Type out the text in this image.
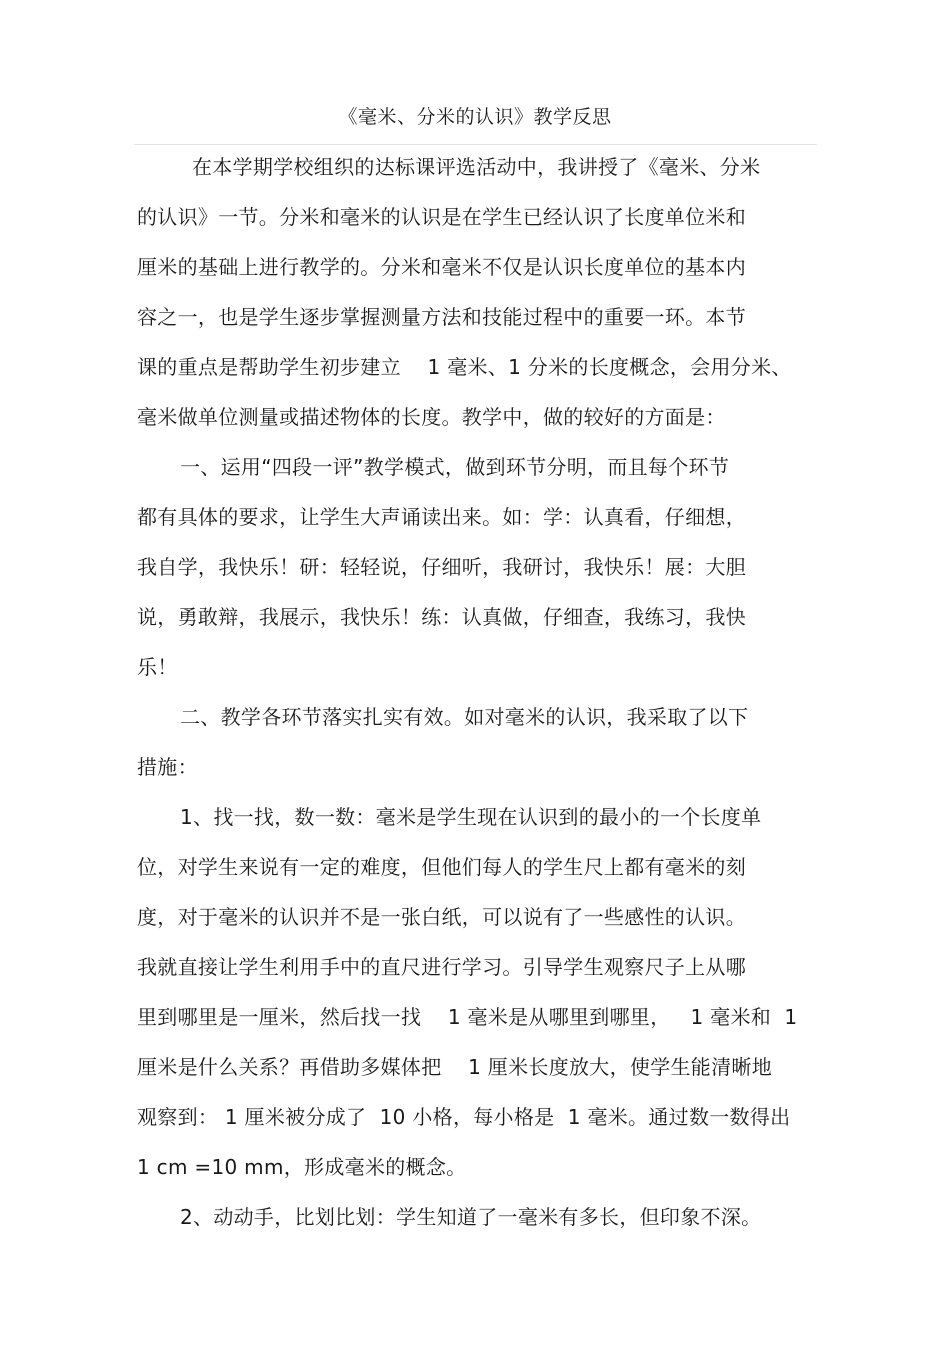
《毫米、分米的认识》教学反思
在本学期学校组织的达标课评选活动中，我讲授了《毫米、分米
的认识》一节。分米和毫米的认识是在学生已经认识了长度单位米和
厘米的基础上进行教学的。分米和毫米不仅是认识长度单位的基本内
容之一，也是学生逐步掌握测量方法和技能过程中的重要一环。本节
课的重点是帮助学生初步建立    1 毫米、1 分米的长度概念，会用分米、
毫米做单位测量或描述物体的长度。教学中，做的较好的方面是：
一、运用“四段一评”教学模式，做到环节分明，而且每个环节
都有具体的要求，让学生大声诵读出来。如：学：认真看，仔细想，
我自学，我快乐！研：轻轻说，仔细听，我研讨，我快乐！展：大胆
说，勇敢辩，我展示，我快乐！练：认真做，仔细查，我练习，我快
乐！
二、教学各环节落实扎实有效。如对毫米的认识，我采取了以下
措施：
1、找一找，数一数：毫米是学生现在认识到的最小的一个长度单
位，对学生来说有一定的难度，但他们每人的学生尺上都有毫米的刻
度，对于毫米的认识并不是一张白纸，可以说有了一些感性的认识。
我就直接让学生利用手中的直尺进行学习。引导学生观察尺子上从哪
里到哪里是一厘米，然后找一找    1 毫米是从哪里到哪里，   1 毫米和  1
厘米是什么关系？再借助多媒体把    1 厘米长度放大，使学生能清晰地
观察到： 1 厘米被分成了  10 小格，每小格是  1 毫米。通过数一数得出
1 cm =10 mm，形成毫米的概念。
2、动动手，比划比划：学生知道了一毫米有多长，但印象不深。
